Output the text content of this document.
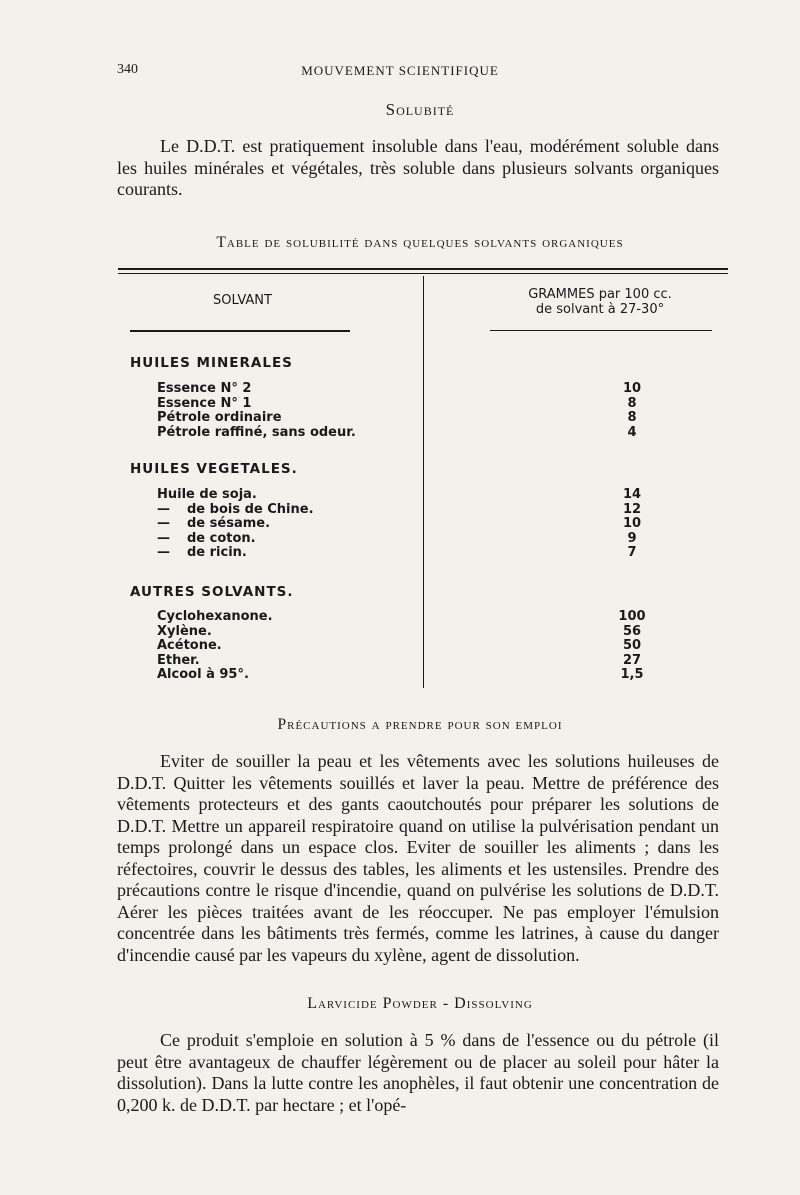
340	MOUVEMENT SCIENTIFIQUE
Solubité

Le D.D.T. est pratiquement insoluble dans l'eau, modérément soluble dans les huiles minérales et végétales, très soluble dans plusieurs solvants organiques courants.

Table de solubilité dans quelques solvants organiques
SOLVANT	GRAMMES par 100 cc.
de solvant à 27-30°
HUILES MINERALES
Essence N° 2	10
Essence N° 1	8
Pétrole ordinaire	8
Pétrole raffiné, sans odeur.	4
HUILES VEGETALES.
Huile de soja.	14
— de bois de Chine.	12
— de sésame.	10
— de coton.	9
— de ricin.	7
AUTRES SOLVANTS.
Cyclohexanone.	100
Xylène.	56
Acétone.	50
Ether.	27
Alcool à 95°.	1,5
Précautions a prendre pour son emploi

Eviter de souiller la peau et les vêtements avec les solutions huileuses de D.D.T. Quitter les vêtements souillés et laver la peau. Mettre de préférence des vêtements protecteurs et des gants caoutchoutés pour préparer les solutions de D.D.T. Mettre un appareil respiratoire quand on utilise la pulvérisation pendant un temps prolongé dans un espace clos. Eviter de souiller les aliments ; dans les réfectoires, couvrir le dessus des tables, les aliments et les ustensiles. Prendre des précautions contre le risque d'incendie, quand on pulvérise les solutions de D.D.T. Aérer les pièces traitées avant de les réoccuper. Ne pas employer l'émulsion concentrée dans les bâtiments très fermés, comme les latrines, à cause du danger d'incendie causé par les vapeurs du xylène, agent de dissolution.

Larvicide Powder - Dissolving

Ce produit s'emploie en solution à 5 % dans de l'essence ou du pétrole (il peut être avantageux de chauffer légèrement ou de placer au soleil pour hâter la dissolution). Dans la lutte contre les anophèles, il faut obtenir une concentration de 0,200 k. de D.D.T. par hectare ; et l'opé-
